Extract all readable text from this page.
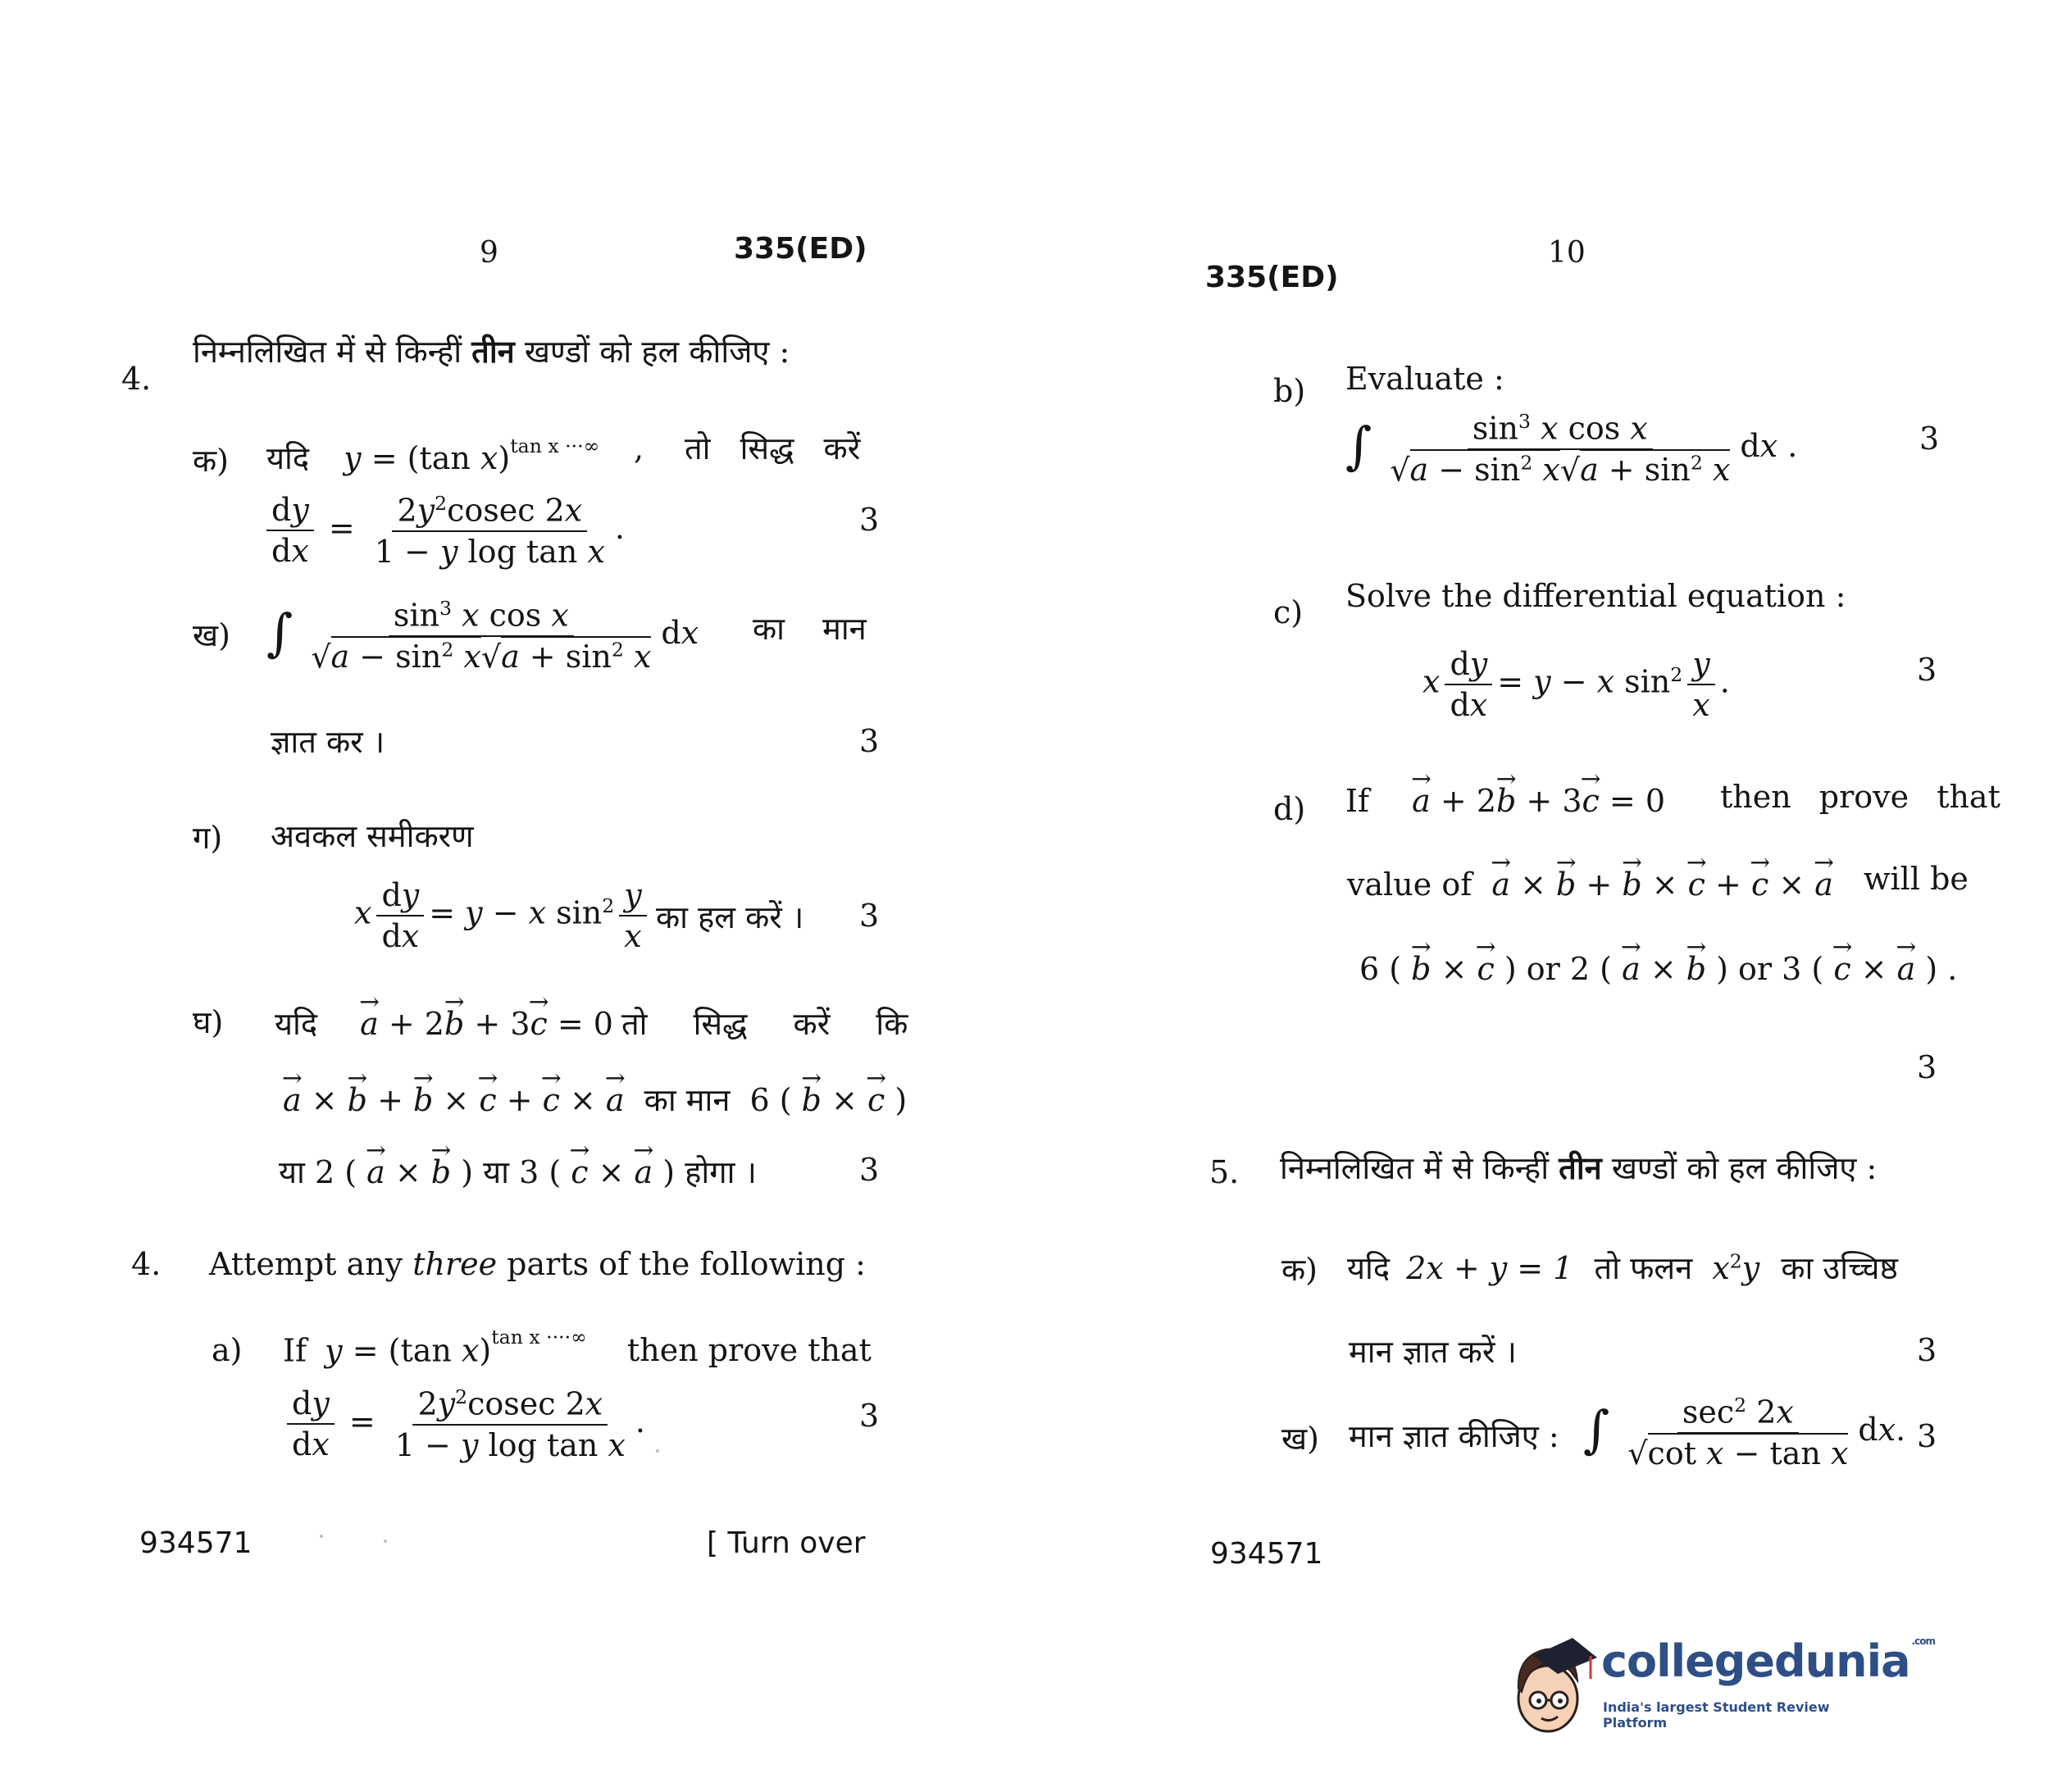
9	335(ED)
4.
निम्नलिखित में से किन्हीं तीन खण्डों को हल कीजिए :
क) यदि y = (tan x)$^{tan x \cdot\cdot\cdot\infty}$ , तो सिद्ध करें
$\frac{dy}{dx} = \frac{2y^2cosec 2x}{\text{1 − y log tan x}}$ .	3
ख) ∫ $\frac{\sin^3 x \cos x}{√a - \sin^2 x√a + \sin^2 x}$ dx का मान
ज्ञात कर ।	3
ग) अवकल समीकरण
x $\frac{dy}{dx} = y - x$ $\sin^2 \frac{y}{x}$ का हल करें । 3
घ) यदि → a + 2→ b + 3→ c = 0 तो सिद्ध करें कि
→ a × → b + → b × → c + → c × → a का मान 6 ( → b × → c )
या 2 ( → a × → b ) या 3 ( → c × → a ) होगा ।	3
4. Attempt any three parts of the following :
a) If y = (tan x)$^{tan x \cdot\cdot\cdot\cdot\infty}$ then prove that
$\frac{dy}{dx} = \frac{2y^2cosec 2x}{\text{1 − y log tan x}}$ .	3
934571	[ Turn over
10
335(ED)
b) Evaluate :
∫ $\frac{\sin^3 x \cos x}{√a - \sin^2 x√a + \sin^2 x}$ dx .	3
c) Solve the differential equation :
x $\frac{dy}{dx} = y - x$ $\sin^2 \frac{y}{x}$ .	3
d) If → a + 2→ b + 3→ c = 0 then prove that
value of → a × → b + → b × → c + → c × → a will be
6 ( → b × → c ) or 2 ( → a × → b ) or 3 ( → c × → a ) .
3
5. निम्नलिखित में से किन्हीं तीन खण्डों को हल कीजिए :
क) यदि 2x + y = 1 तो फलन $x^2y$ का उच्चिष्ठ
मान ज्ञात करें ।	3
ख) मान ज्ञात कीजिए : ∫ $\frac{\sec^2 2x}{\text{√cot x − tan x}}$ dx. 3
934571
collegedunia $^{.com}$
India's largest Student Review Platform
